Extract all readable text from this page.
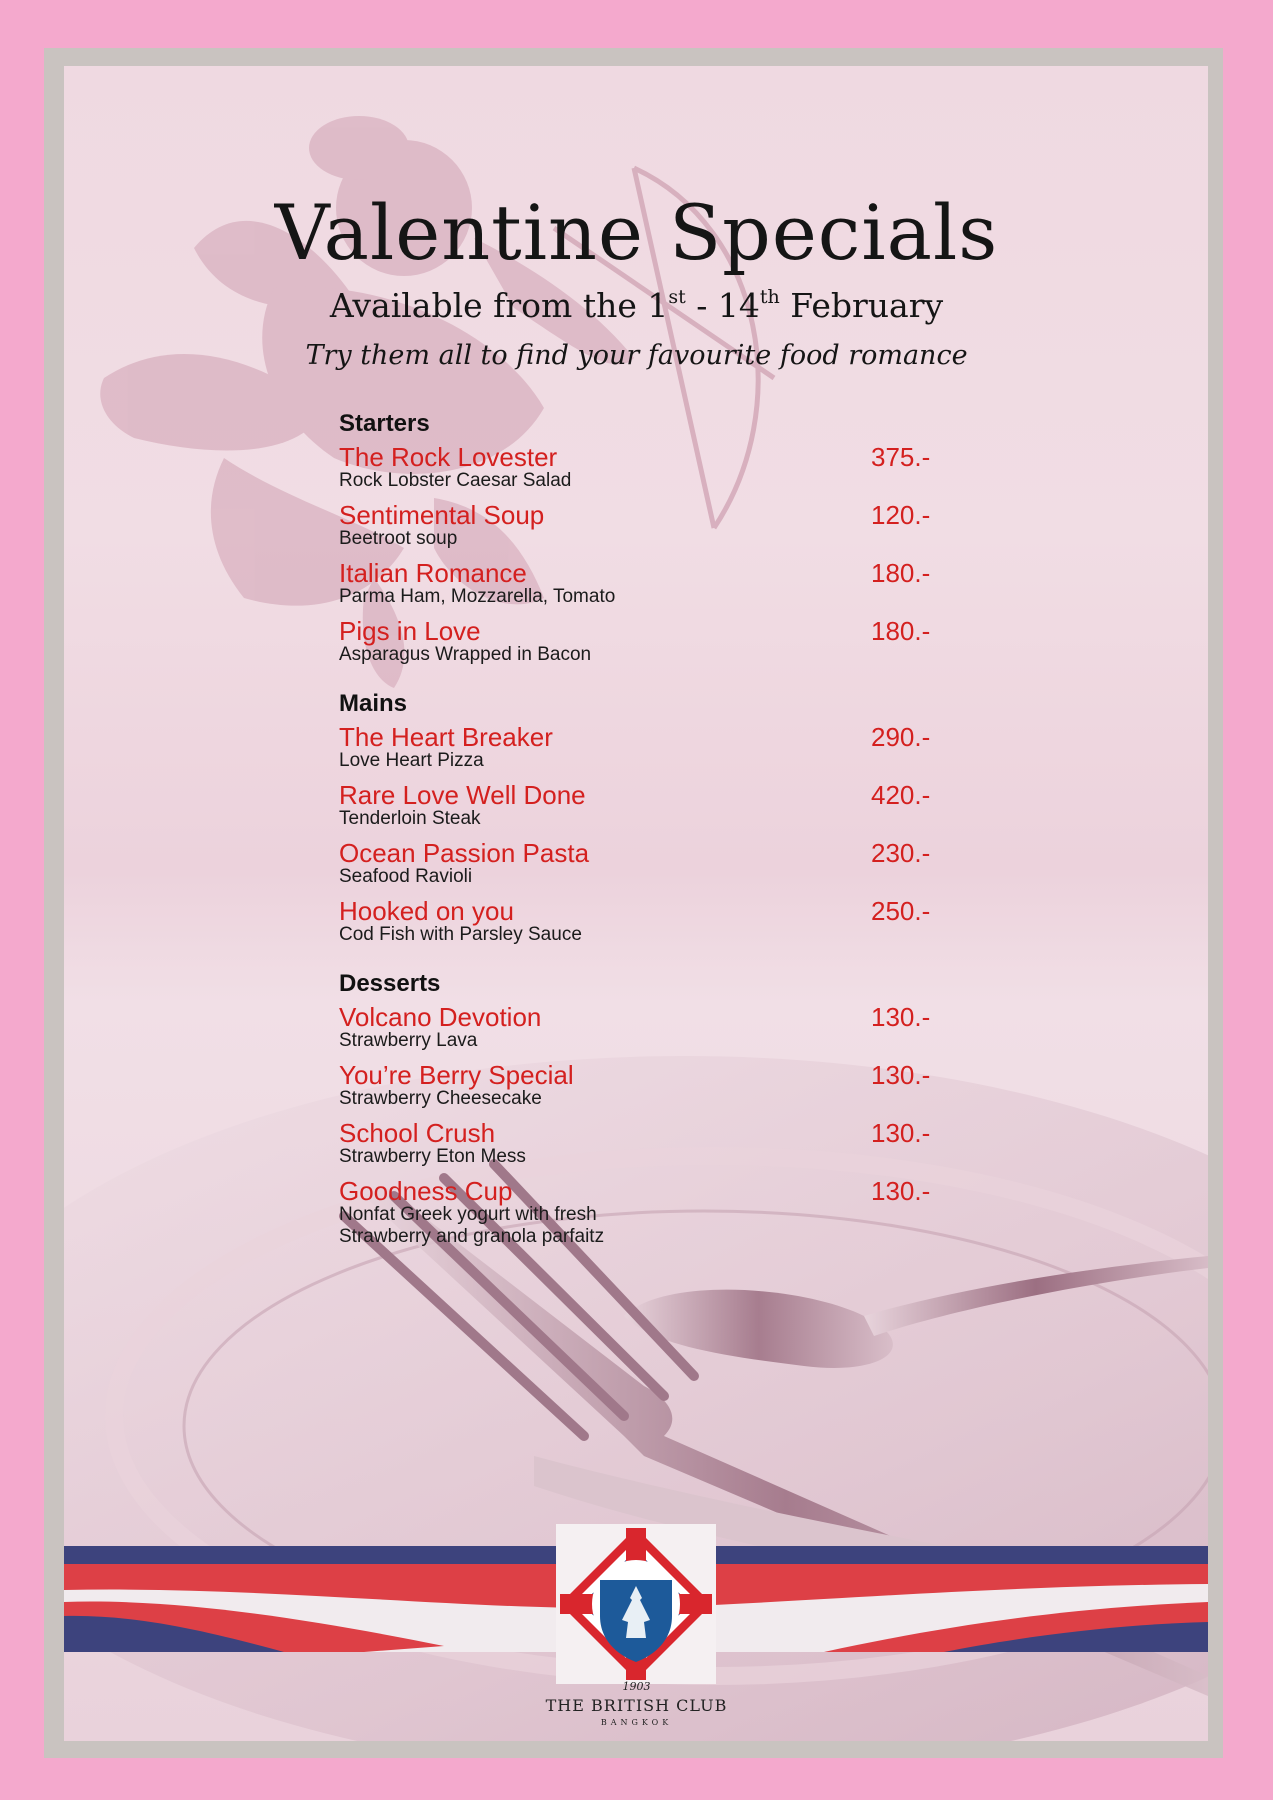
Valentine Specials
Available from the 1st - 14th February
Try them all to find your favourite food romance
Starters
The Rock Lovester
Rock Lobster Caesar Salad
375.-
Sentimental Soup
Beetroot soup
120.-
Italian Romance
Parma Ham, Mozzarella, Tomato
180.-
Pigs in Love
Asparagus Wrapped in Bacon
180.-
Mains
The Heart Breaker
Love Heart Pizza
290.-
Rare Love Well Done
Tenderloin Steak
420.-
Ocean Passion Pasta
Seafood Ravioli
230.-
Hooked on you
Cod Fish with Parsley Sauce
250.-
Desserts
Volcano Devotion
Strawberry Lava
130.-
You’re Berry Special
Strawberry Cheesecake
130.-
School Crush
Strawberry Eton Mess
130.-
Goodness Cup
Nonfat Greek yogurt with fresh
Strawberry and granola parfaitz
130.-
1903
THE BRITISH CLUB
BANGKOK
